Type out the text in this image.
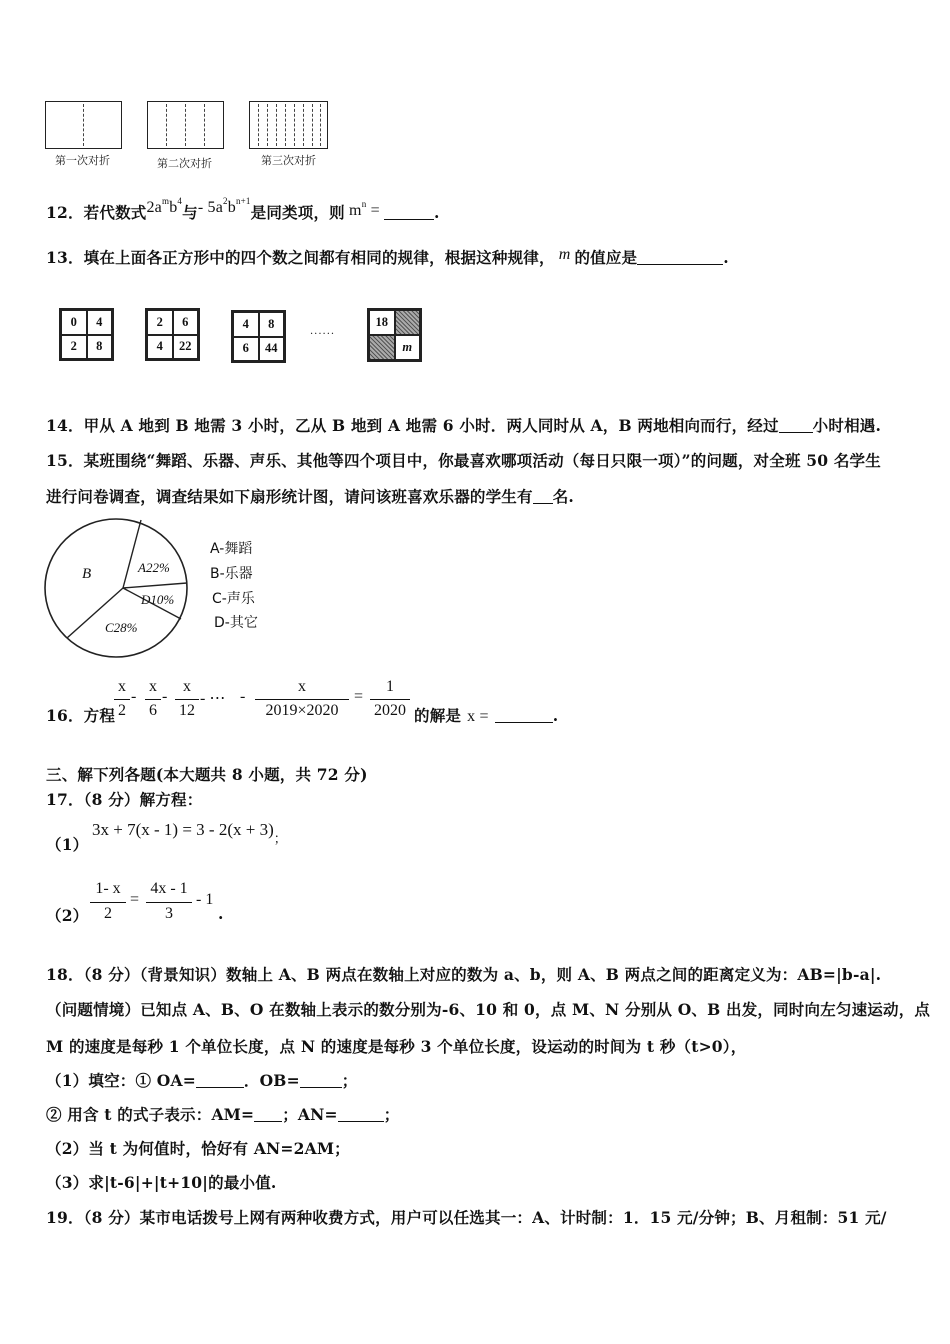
第一次对折	第二次对折	第三次对折
12．若代数式$2a^mb^4$与- $5a^2b^{n+1}$是同类项，则 $m^n$ =	.
13．填在上面各正方形中的四个数之间都有相同的规律，根据这种规律， m 的值应是	.
0	4
2	8
2	6
4	22
4	8
6	44
......
18
m
14．甲从 A 地到 B 地需 3 小时，乙从 B 地到 A 地需 6 小时．两人同时从 A，B 两地相向而行，经过 小时相遇.
15．某班围绕“舞蹈、乐器、声乐、其他等四个项目中，你最喜欢哪项活动（每日只限一项）”的问题，对全班 50 名学生
进行问卷调查，调查结果如下扇形统计图，请问该班喜欢乐器的学生有 名.
B	A22%
D10%
C28%
A-舞蹈
B-乐器
C-声乐
D-其它
16．方程
x
2
-
x
6
-
x
12
- ⋯ -
x
2019×2020
=
1
2020 的解是 x =	.
三、解下列各题(本大题共 8 小题，共 72 分)
17．（8 分）解方程：
（1）
$3x + 7(x - 1) = 3 - 2(x + 3)_;$
（2）
1- x
2
=
4x - 1
3
- 1
.
18．（8 分）（背景知识）数轴上 A、B 两点在数轴上对应的数为 a、b，则 A、B 两点之间的距离定义为：AB=|b-a|.
（问题情境）已知点 A、B、O 在数轴上表示的数分别为-6、10 和 0，点 M、N 分别从 O、B 出发，同时向左匀速运动，点
M 的速度是每秒 1 个单位长度，点 N 的速度是每秒 3 个单位长度，设运动的时间为 t 秒（t>0），
（1）填空：① OA=	．OB=	；
② 用含 t 的式子表示：AM= ；AN=	；
（2）当 t 为何值时，恰好有 AN=2AM；
（3）求|t-6|+|t+10|的最小值.
19．（8 分）某市电话拨号上网有两种收费方式，用户可以任选其一：A、计时制：1．15 元/分钟；B、月租制：51 元/
